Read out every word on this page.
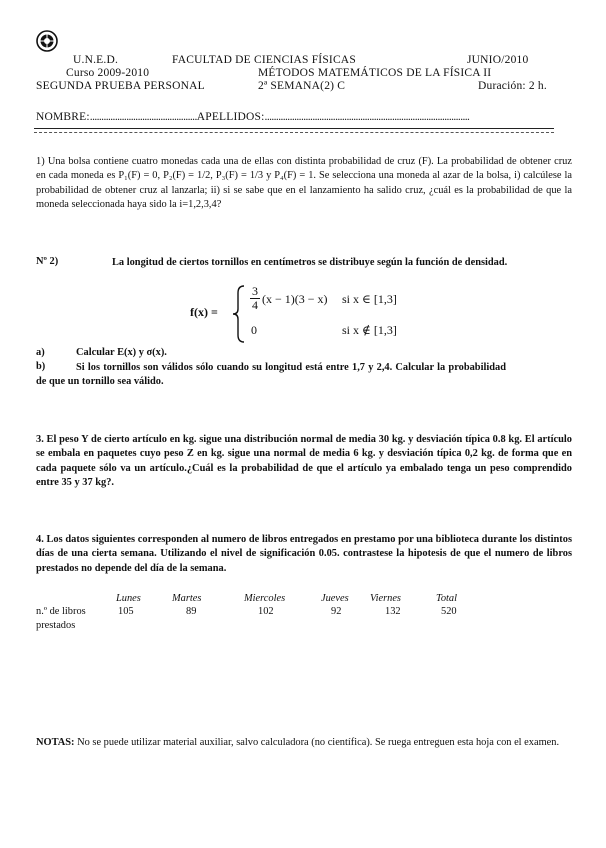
U.N.E.D.
Curso 2009-2010
SEGUNDA PRUEBA PERSONAL
FACULTAD DE CIENCIAS FÍSICAS
MÉTODOS MATEMÁTICOS DE LA FÍSICA II
2ª SEMANA(2) C
JUNIO/2010
Duración: 2 h.
NOMBRE:...............................................APELLIDOS:..........................................................................................
1) Una bolsa contiene cuatro monedas cada una de ellas con distinta probabilidad de cruz (F). La probabilidad de obtener cruz en cada moneda es P₁(F) = 0, P₂(F) = 1/2, P₃(F) = 1/3 y P₄(F) = 1. Se selecciona una moneda al azar de la bolsa, i) calcúlese la probabilidad de obtener cruz al lanzarla; ii) si se sabe que en el lanzamiento ha salido cruz, ¿cuál es la probabilidad de que la moneda seleccionada haya sido la i=1,2,3,4?
Nº 2)	La longitud de ciertos tornillos en centímetros se distribuye según la función de densidad.
f(x) =
3
4 (x − 1)(3 − x) si x ∈ [1,3]
0	si x ∉ [1,3]
a)	Calcular E(x) y σ(x).
b)	Si los tornillos son válidos sólo cuando su longitud está entre 1,7 y 2,4. Calcular la probabilidad de que un tornillo sea válido.
3. El peso Y de cierto artículo en kg. sigue una distribución normal de media 30 kg. y desviación típica 0.8 kg. El artículo se embala en paquetes cuyo peso Z en kg. sigue una normal de media 6 kg. y desviación típica 0,2 kg. de forma que en cada paquete sólo va un artículo.¿Cuál es la probabilidad de que el artículo ya embalado tenga un peso comprendido entre 35 y 37 kg?.
4. Los datos siguientes corresponden al numero de libros entregados en prestamo por una biblioteca durante los distintos días de una cierta semana. Utilizando el nivel de significación 0.05. contrastese la hipotesis de que el numero de libros prestados no depende del día de la semana.
Lunes	Martes	Miercoles	Jueves Viernes	Total
n.º de libros
prestados
105	89	102	92	132	520
NOTAS: No se puede utilizar material auxiliar, salvo calculadora (no científica). Se ruega entreguen esta hoja con el examen.
